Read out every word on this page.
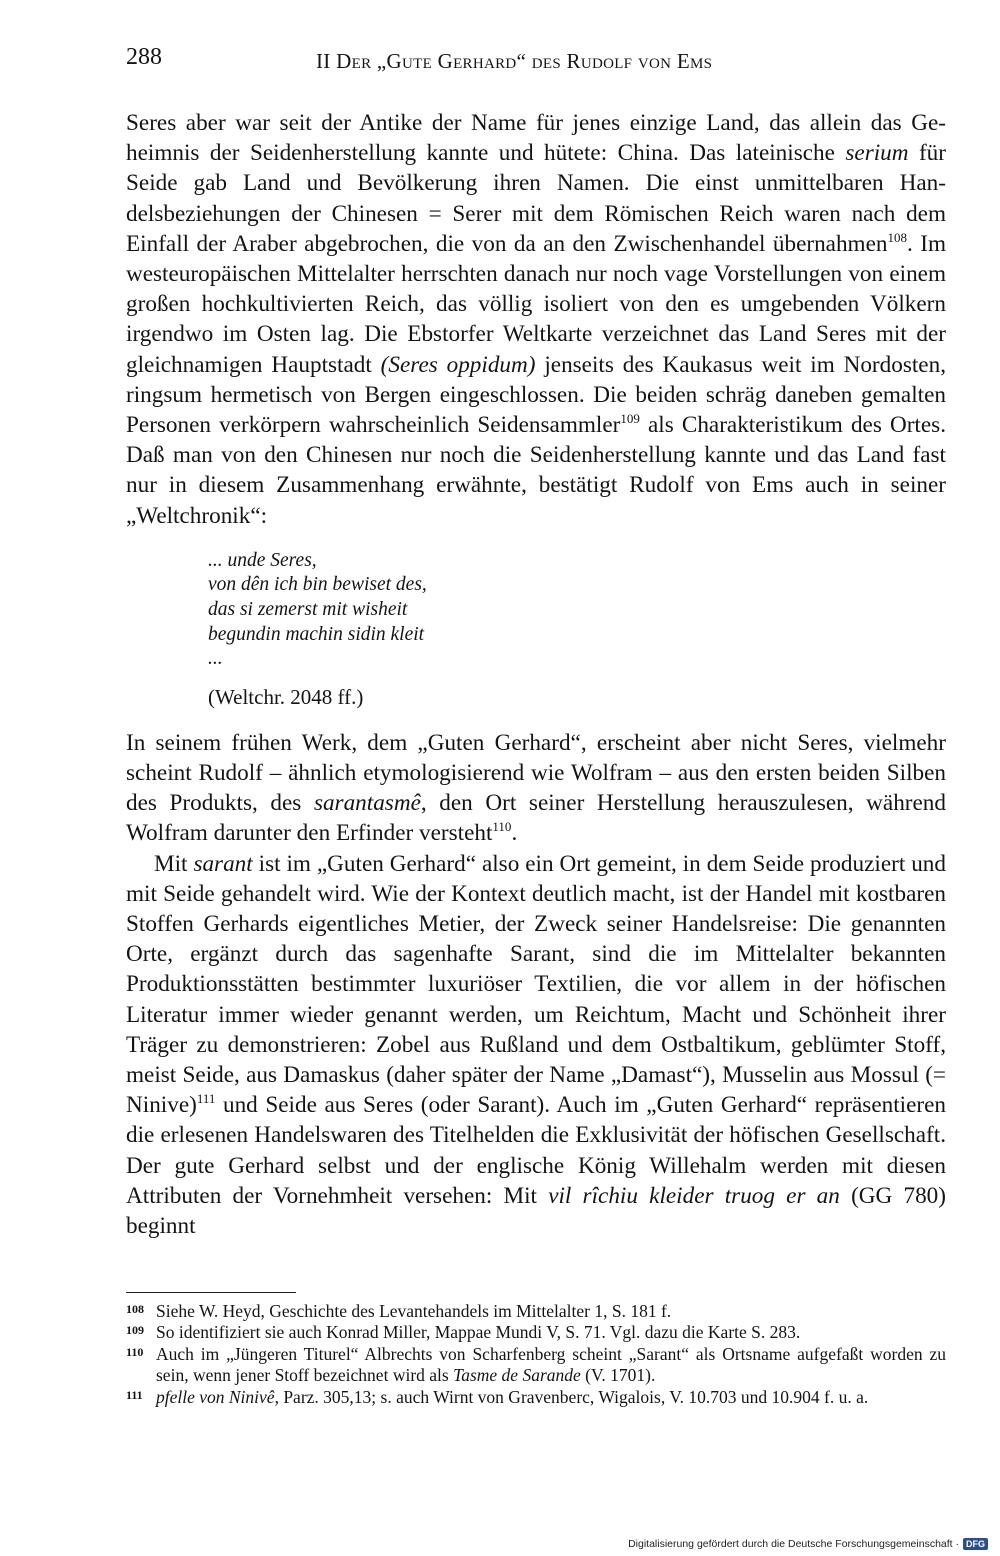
288	II Der „Gute Gerhard“ des Rudolf von Ems

Seres aber war seit der Antike der Name für jenes einzige Land, das allein das Geheimnis der Seidenherstellung kannte und hütete: China. Das lateinische serium für Seide gab Land und Bevölkerung ihren Namen. Die einst unmittelbaren Handelsbeziehungen der Chinesen = Serer mit dem Römischen Reich waren nach dem Einfall der Araber abgebrochen, die von da an den Zwischenhandel übernahmen$^{108}$. Im westeuropäischen Mittelalter herrschten danach nur noch vage Vorstellungen von einem großen hochkultivierten Reich, das völlig isoliert von den es umgebenden Völkern irgendwo im Osten lag. Die Ebstorfer Weltkarte verzeichnet das Land Seres mit der gleichnamigen Hauptstadt (Seres oppidum) jenseits des Kaukasus weit im Nordosten, ringsum hermetisch von Bergen eingeschlossen. Die beiden schräg daneben gemalten Personen verkörpern wahrscheinlich Seidensammler$^{109}$ als Charakteristikum des Ortes. Daß man von den Chinesen nur noch die Seidenherstellung kannte und das Land fast nur in diesem Zusammenhang erwähnte, bestätigt Rudolf von Ems auch in seiner „Weltchronik“:

... unde Seres,
von dên ich bin bewiset des,
das si zemerst mit wisheit
begundin machin sidin kleit
...
(Weltchr. 2048 ff.)

In seinem frühen Werk, dem „Guten Gerhard“, erscheint aber nicht Seres, vielmehr scheint Rudolf – ähnlich etymologisierend wie Wolfram – aus den ersten beiden Silben des Produkts, des sarantasmê, den Ort seiner Herstellung herauszulesen, während Wolfram darunter den Erfinder versteht$^{110}$.

Mit sarant ist im „Guten Gerhard“ also ein Ort gemeint, in dem Seide produziert und mit Seide gehandelt wird. Wie der Kontext deutlich macht, ist der Handel mit kostbaren Stoffen Gerhards eigentliches Metier, der Zweck seiner Handelsreise: Die genannten Orte, ergänzt durch das sagenhafte Sarant, sind die im Mittelalter bekannten Produktionsstätten bestimmter luxuriöser Textilien, die vor allem in der höfischen Literatur immer wieder genannt werden, um Reichtum, Macht und Schönheit ihrer Träger zu demonstrieren: Zobel aus Rußland und dem Ostbaltikum, geblümter Stoff, meist Seide, aus Damaskus (daher später der Name „Damast“), Musselin aus Mossul (= Ninive)$^{111}$ und Seide aus Seres (oder Sarant). Auch im „Guten Gerhard“ repräsentieren die erlesenen Handelswaren des Titelhelden die Exklusivität der höfischen Gesellschaft. Der gute Gerhard selbst und der englische König Willehalm werden mit diesen Attributen der Vornehmheit versehen: Mit vil rîchiu kleider truog er an (GG 780) beginnt

108 Siehe W. Heyd, Geschichte des Levantehandels im Mittelalter 1, S. 181 f.
109 So identifiziert sie auch Konrad Miller, Mappae Mundi V, S. 71. Vgl. dazu die Karte S. 283.
110 Auch im „Jüngeren Titurel“ Albrechts von Scharfenberg scheint „Sarant“ als Ortsname aufgefaßt worden zu sein, wenn jener Stoff bezeichnet wird als Tasme de Sarande (V. 1701).
111 pfelle von Ninivê, Parz. 305,13; s. auch Wirnt von Gravenberc, Wigalois, V. 10.703 und 10.904 f. u. a.
Digitalisierung gefördert durch die Deutsche Forschungsgemeinschaft · DFG
